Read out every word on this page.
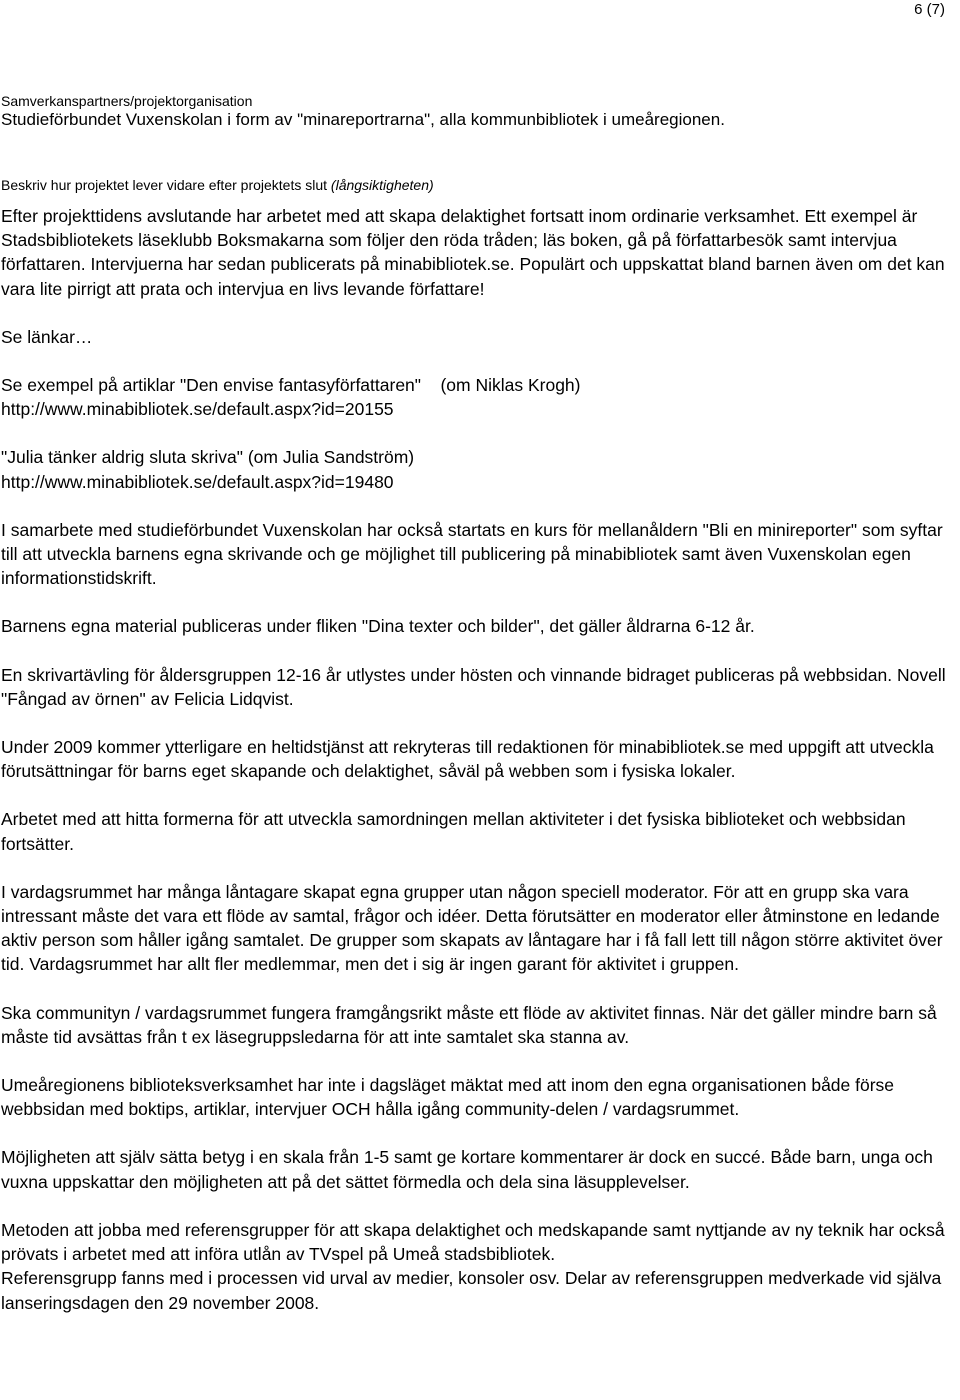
6 (7)
Samverkanspartners/projektorganisation
Studieförbundet Vuxenskolan i form av "minareportrarna", alla kommunbibliotek i umeåregionen.
Beskriv hur projektet lever vidare efter projektets slut (långsiktigheten)

Efter projekttidens avslutande har arbetet med att skapa delaktighet fortsatt inom ordinarie verksamhet. Ett exempel är Stadsbibliotekets läseklubb Boksmakarna som följer den röda tråden; läs boken, gå på författarbesök samt intervjua författaren. Intervjuerna har sedan publicerats på minabibliotek.se. Populärt och uppskattat bland barnen även om det kan vara lite pirrigt att prata och intervjua en livs levande författare!

Se länkar…

Se exempel på artiklar "Den envise fantasyförfattaren" (om Niklas Krogh)

http://www.minabibliotek.se/default.aspx?id=20155

"Julia tänker aldrig sluta skriva" (om Julia Sandström)

http://www.minabibliotek.se/default.aspx?id=19480

I samarbete med studieförbundet Vuxenskolan har också startats en kurs för mellanåldern "Bli en minireporter" som syftar till att utveckla barnens egna skrivande och ge möjlighet till publicering på minabibliotek samt även Vuxenskolan egen informationstidskrift.

Barnens egna material publiceras under fliken "Dina texter och bilder", det gäller åldrarna 6-12 år.

En skrivartävling för åldersgruppen 12-16 år utlystes under hösten och vinnande bidraget publiceras på webbsidan. Novell "Fångad av örnen" av Felicia Lidqvist.

Under 2009 kommer ytterligare en heltidstjänst att rekryteras till redaktionen för minabibliotek.se med uppgift att utveckla förutsättningar för barns eget skapande och delaktighet, såväl på webben som i fysiska lokaler.

Arbetet med att hitta formerna för att utveckla samordningen mellan aktiviteter i det fysiska biblioteket och webbsidan fortsätter.

I vardagsrummet har många låntagare skapat egna grupper utan någon speciell moderator. För att en grupp ska vara intressant måste det vara ett flöde av samtal, frågor och idéer. Detta förutsätter en moderator eller åtminstone en ledande aktiv person som håller igång samtalet. De grupper som skapats av låntagare har i få fall lett till någon större aktivitet över tid. Vardagsrummet har allt fler medlemmar, men det i sig är ingen garant för aktivitet i gruppen.

Ska communityn / vardagsrummet fungera framgångsrikt måste ett flöde av aktivitet finnas. När det gäller mindre barn så måste tid avsättas från t ex läsegruppsledarna för att inte samtalet ska stanna av.

Umeåregionens biblioteksverksamhet har inte i dagsläget mäktat med att inom den egna organisationen både förse webbsidan med boktips, artiklar, intervjuer OCH hålla igång community-delen / vardagsrummet.

Möjligheten att själv sätta betyg i en skala från 1-5 samt ge kortare kommentarer är dock en succé. Både barn, unga och vuxna uppskattar den möjligheten att på det sättet förmedla och dela sina läsupplevelser.

Metoden att jobba med referensgrupper för att skapa delaktighet och medskapande samt nyttjande av ny teknik har också prövats i arbetet med att införa utlån av TVspel på Umeå stadsbibliotek.

Referensgrupp fanns med i processen vid urval av medier, konsoler osv. Delar av referensgruppen medverkade vid själva lanseringsdagen den 29 november 2008.
